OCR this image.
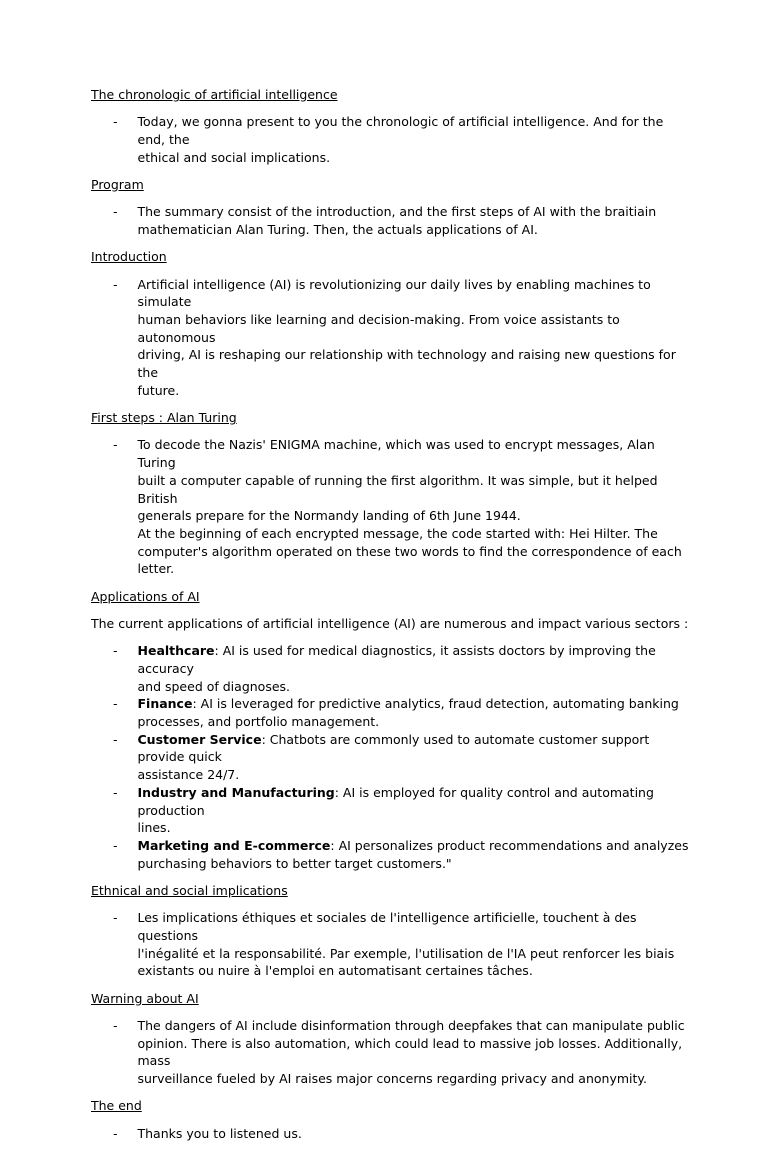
The chronologic of artificial intelligence
- Today, we gonna present to you the chronologic of artificial intelligence. And for the end, the
ethical and social implications.
Program
- The summary consist of the introduction, and the first steps of AI with the braitiain
mathematician Alan Turing. Then, the actuals applications of AI.
Introduction
- Artificial intelligence (AI) is revolutionizing our daily lives by enabling machines to simulate
human behaviors like learning and decision-making. From voice assistants to autonomous
driving, AI is reshaping our relationship with technology and raising new questions for the
future.
First steps : Alan Turing
- To decode the Nazis' ENIGMA machine, which was used to encrypt messages, Alan Turing
built a computer capable of running the first algorithm. It was simple, but it helped British
generals prepare for the Normandy landing of 6th June 1944.
At the beginning of each encrypted message, the code started with: Hei Hilter. The
computer's algorithm operated on these two words to find the correspondence of each letter.
Applications of AI
The current applications of artificial intelligence (AI) are numerous and impact various sectors :
- Healthcare: AI is used for medical diagnostics, it assists doctors by improving the accuracy
and speed of diagnoses.
- Finance: AI is leveraged for predictive analytics, fraud detection, automating banking
processes, and portfolio management.
- Customer Service: Chatbots are commonly used to automate customer support provide quick
assistance 24/7.
- Industry and Manufacturing: AI is employed for quality control and automating production
lines.
- Marketing and E-commerce: AI personalizes product recommendations and analyzes
purchasing behaviors to better target customers."
Ethnical and social implications
- Les implications éthiques et sociales de l'intelligence artificielle, touchent à des questions
l'inégalité et la responsabilité. Par exemple, l'utilisation de l'IA peut renforcer les biais
existants ou nuire à l'emploi en automatisant certaines tâches.
Warning about AI
- The dangers of AI include disinformation through deepfakes that can manipulate public
opinion. There is also automation, which could lead to massive job losses. Additionally, mass
surveillance fueled by AI raises major concerns regarding privacy and anonymity.
The end
- Thanks you to listened us.
